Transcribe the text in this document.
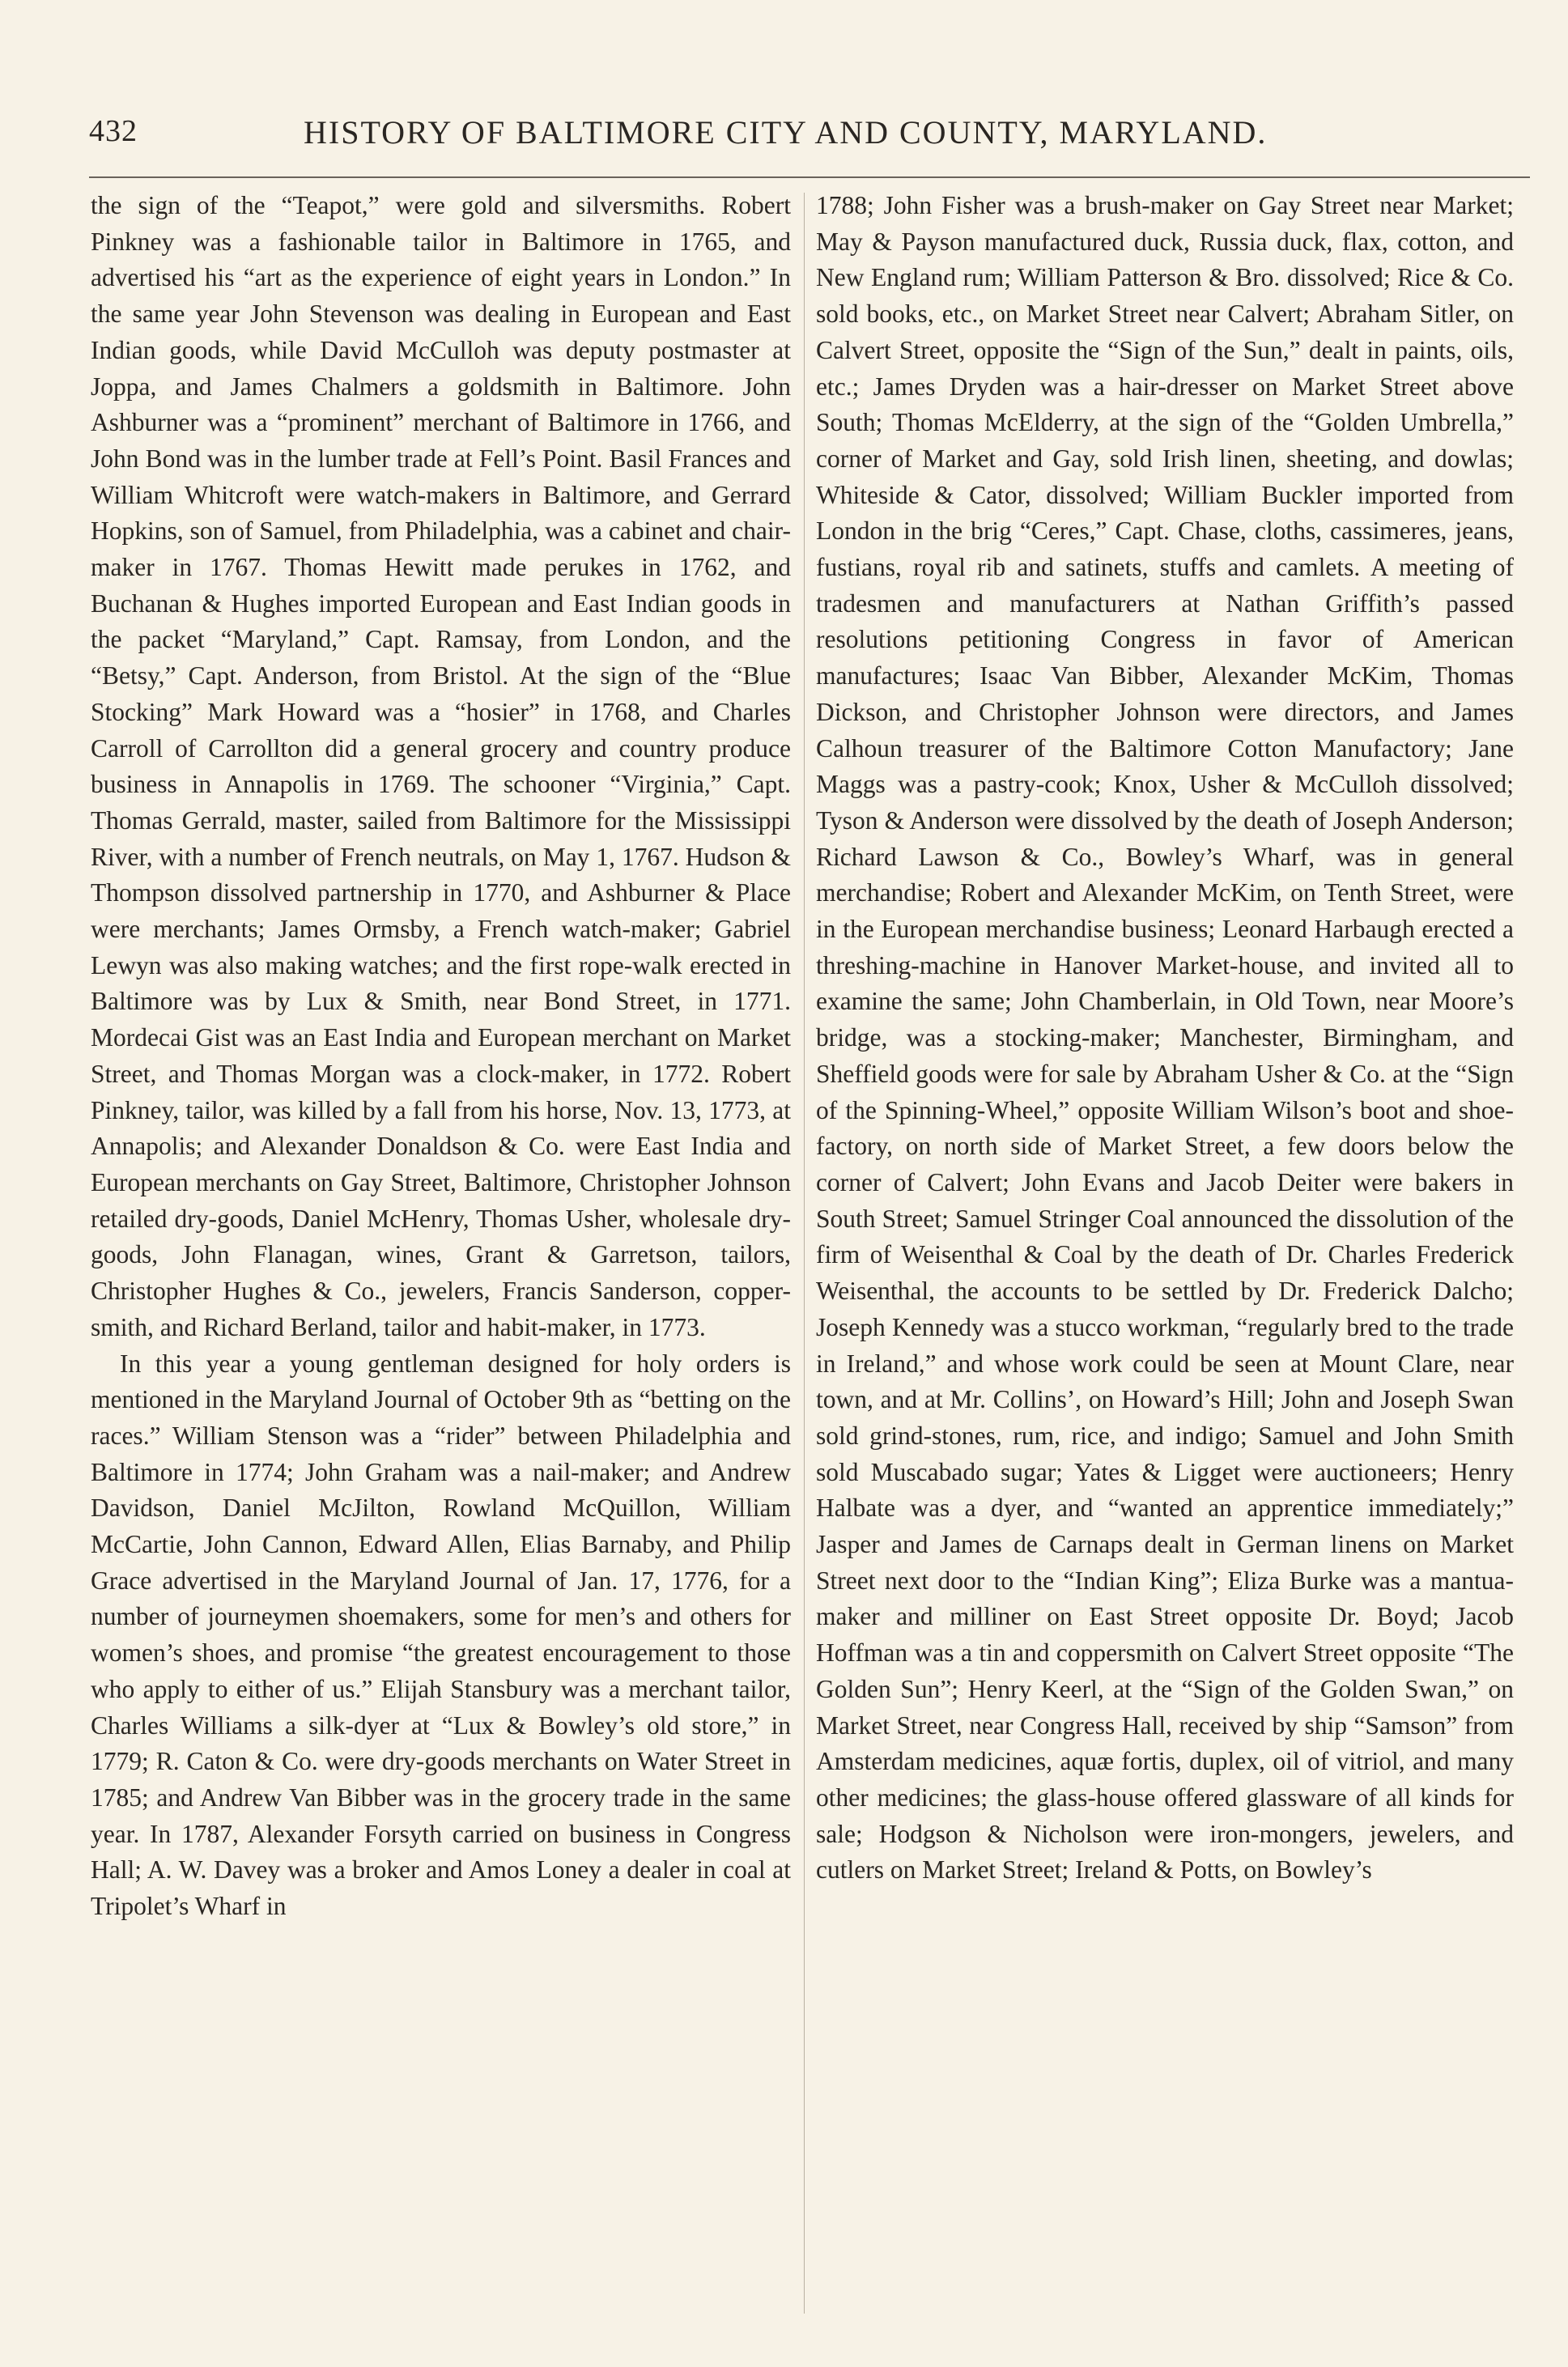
432	HISTORY OF BALTIMORE CITY AND COUNTY, MARYLAND.

the sign of the “Teapot,” were gold and silversmiths. Robert Pinkney was a fashionable tailor in Baltimore in 1765, and advertised his “art as the experience of eight years in London.” In the same year John Stevenson was dealing in European and East Indian goods, while David McCulloh was deputy postmaster at Joppa, and James Chalmers a goldsmith in Baltimore. John Ashburner was a “prominent” merchant of Baltimore in 1766, and John Bond was in the lumber trade at Fell’s Point. Basil Frances and William Whitcroft were watch-makers in Baltimore, and Gerrard Hopkins, son of Samuel, from Philadelphia, was a cabinet and chair-maker in 1767. Thomas Hewitt made perukes in 1762, and Buchanan & Hughes imported European and East Indian goods in the packet “Maryland,” Capt. Ramsay, from London, and the “Betsy,” Capt. Anderson, from Bristol. At the sign of the “Blue Stocking” Mark Howard was a “hosier” in 1768, and Charles Carroll of Carrollton did a general grocery and country produce business in Annapolis in 1769. The schooner “Virginia,” Capt. Thomas Gerrald, master, sailed from Baltimore for the Mississippi River, with a number of French neutrals, on May 1, 1767. Hudson & Thompson dissolved partnership in 1770, and Ashburner & Place were merchants; James Ormsby, a French watch-maker; Gabriel Lewyn was also making watches; and the first rope-walk erected in Baltimore was by Lux & Smith, near Bond Street, in 1771. Mordecai Gist was an East India and European merchant on Market Street, and Thomas Morgan was a clock-maker, in 1772. Robert Pinkney, tailor, was killed by a fall from his horse, Nov. 13, 1773, at Annapolis; and Alexander Donaldson & Co. were East India and European merchants on Gay Street, Baltimore, Christopher Johnson retailed dry-goods, Daniel McHenry, Thomas Usher, wholesale dry-goods, John Flanagan, wines, Grant & Garretson, tailors, Christopher Hughes & Co., jewelers, Francis Sanderson, copper-smith, and Richard Berland, tailor and habit-maker, in 1773.

In this year a young gentleman designed for holy orders is mentioned in the Maryland Journal of October 9th as “betting on the races.” William Stenson was a “rider” between Philadelphia and Baltimore in 1774; John Graham was a nail-maker; and Andrew Davidson, Daniel McJilton, Rowland McQuillon, William McCartie, John Cannon, Edward Allen, Elias Barnaby, and Philip Grace advertised in the Maryland Journal of Jan. 17, 1776, for a number of journeymen shoemakers, some for men’s and others for women’s shoes, and promise “the greatest encouragement to those who apply to either of us.” Elijah Stansbury was a merchant tailor, Charles Williams a silk-dyer at “Lux & Bowley’s old store,” in 1779; R. Caton & Co. were dry-goods merchants on Water Street in 1785; and Andrew Van Bibber was in the grocery trade in the same year. In 1787, Alexander Forsyth carried on business in Congress Hall; A. W. Davey was a broker and Amos Loney a dealer in coal at Tripolet’s Wharf in

1788; John Fisher was a brush-maker on Gay Street near Market; May & Payson manufactured duck, Russia duck, flax, cotton, and New England rum; William Patterson & Bro. dissolved; Rice & Co. sold books, etc., on Market Street near Calvert; Abraham Sitler, on Calvert Street, opposite the “Sign of the Sun,” dealt in paints, oils, etc.; James Dryden was a hair-dresser on Market Street above South; Thomas McElderry, at the sign of the “Golden Umbrella,” corner of Market and Gay, sold Irish linen, sheeting, and dowlas; Whiteside & Cator, dissolved; William Buckler imported from London in the brig “Ceres,” Capt. Chase, cloths, cassimeres, jeans, fustians, royal rib and satinets, stuffs and camlets. A meeting of tradesmen and manufacturers at Nathan Griffith’s passed resolutions petitioning Congress in favor of American manufactures; Isaac Van Bibber, Alexander McKim, Thomas Dickson, and Christopher Johnson were directors, and James Calhoun treasurer of the Baltimore Cotton Manufactory; Jane Maggs was a pastry-cook; Knox, Usher & McCulloh dissolved; Tyson & Anderson were dissolved by the death of Joseph Anderson; Richard Lawson & Co., Bowley’s Wharf, was in general merchandise; Robert and Alexander McKim, on Tenth Street, were in the European merchandise business; Leonard Harbaugh erected a threshing-machine in Hanover Market-house, and invited all to examine the same; John Chamberlain, in Old Town, near Moore’s bridge, was a stocking-maker; Manchester, Birmingham, and Sheffield goods were for sale by Abraham Usher & Co. at the “Sign of the Spinning-Wheel,” opposite William Wilson’s boot and shoe-factory, on north side of Market Street, a few doors below the corner of Calvert; John Evans and Jacob Deiter were bakers in South Street; Samuel Stringer Coal announced the dissolution of the firm of Weisenthal & Coal by the death of Dr. Charles Frederick Weisenthal, the accounts to be settled by Dr. Frederick Dalcho; Joseph Kennedy was a stucco workman, “regularly bred to the trade in Ireland,” and whose work could be seen at Mount Clare, near town, and at Mr. Collins’, on Howard’s Hill; John and Joseph Swan sold grind-stones, rum, rice, and indigo; Samuel and John Smith sold Muscabado sugar; Yates & Ligget were auctioneers; Henry Halbate was a dyer, and “wanted an apprentice immediately;” Jasper and James de Carnaps dealt in German linens on Market Street next door to the “Indian King”; Eliza Burke was a mantua-maker and milliner on East Street opposite Dr. Boyd; Jacob Hoffman was a tin and coppersmith on Calvert Street opposite “The Golden Sun”; Henry Keerl, at the “Sign of the Golden Swan,” on Market Street, near Congress Hall, received by ship “Samson” from Amsterdam medicines, aquæ fortis, duplex, oil of vitriol, and many other medicines; the glass-house offered glassware of all kinds for sale; Hodgson & Nicholson were iron-mongers, jewelers, and cutlers on Market Street; Ireland & Potts, on Bowley’s
